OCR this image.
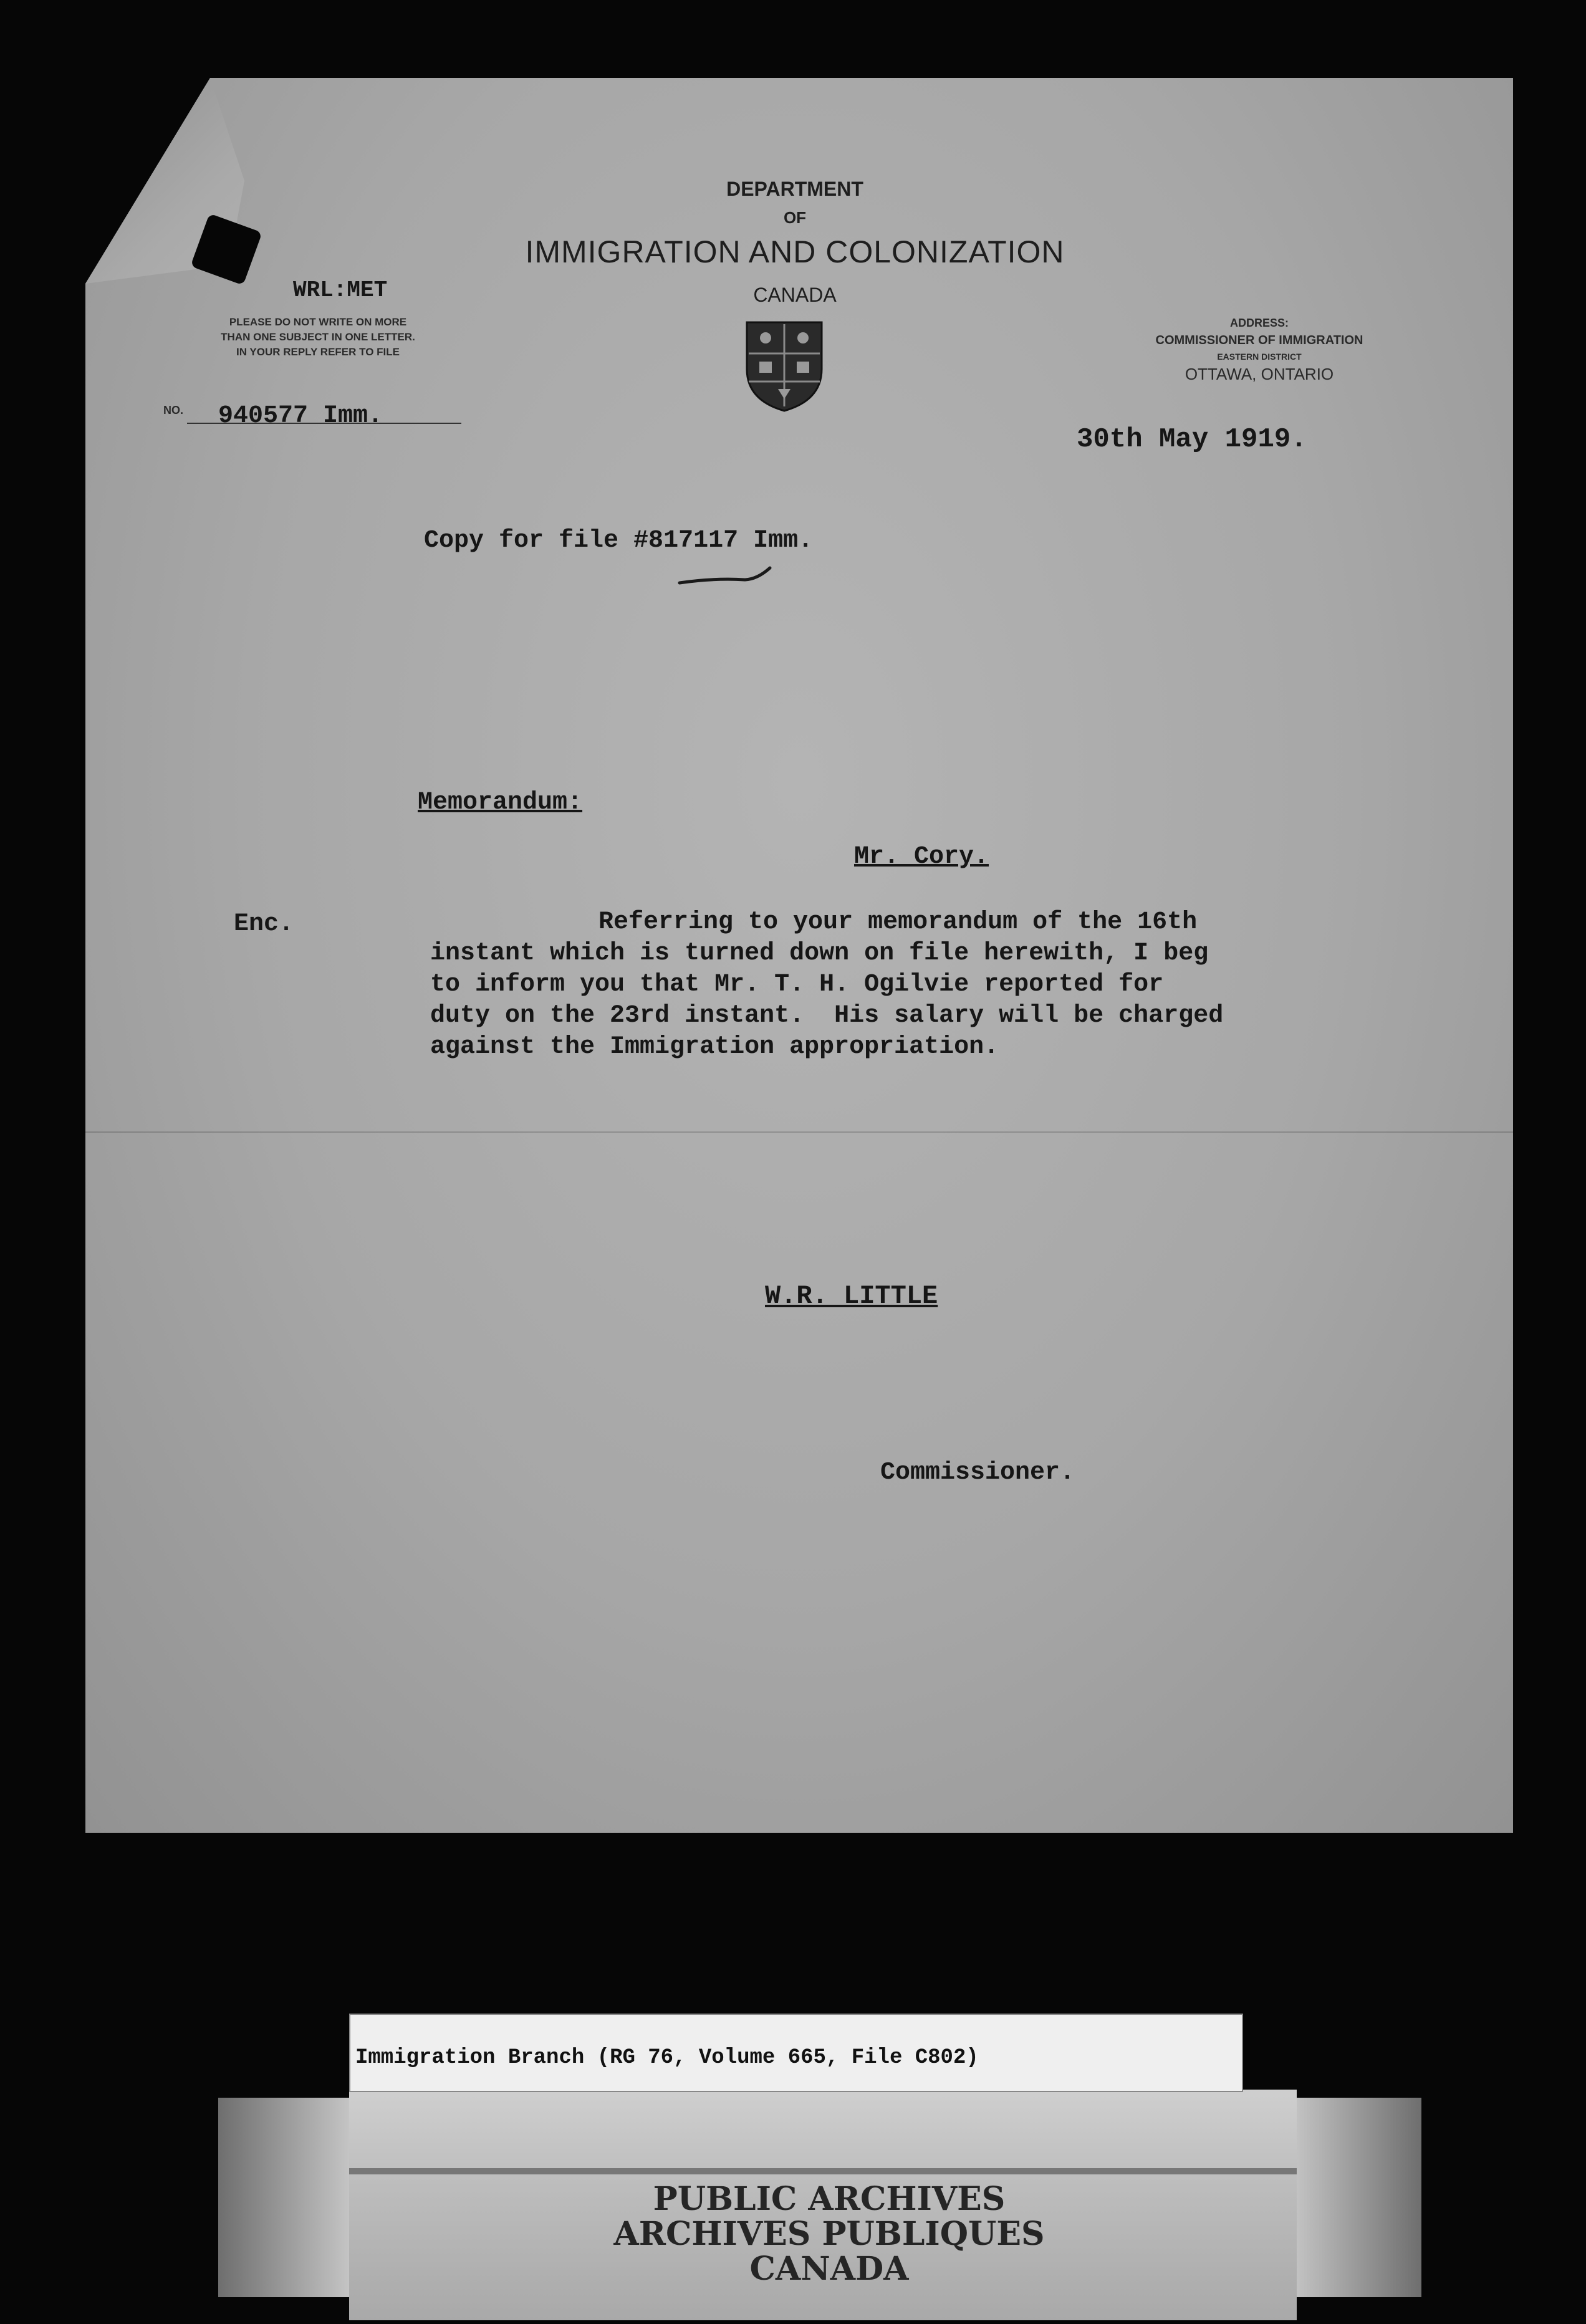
DEPARTMENT
OF
IMMIGRATION AND COLONIZATION
CANADA
PLEASE DO NOT WRITE ON MORE
THAN ONE SUBJECT IN ONE LETTER.
IN YOUR REPLY REFER TO FILE
NO.
ADDRESS:
COMMISSIONER OF IMMIGRATION
EASTERN DISTRICT
OTTAWA, ONTARIO
WRL:MET
940577 Imm.
30th May 1919.
Copy for file #817117 Imm.
Memorandum:
Mr. Cory.
Enc.	Referring to your memorandum of the 16th
instant which is turned down on file herewith, I beg
to inform you that Mr. T. H. Ogilvie reported for
duty on the 23rd instant.  His salary will be charged
against the Immigration appropriation.
W.R. LITTLE
Commissioner.
Immigration Branch (RG 76, Volume 665, File C802)
PUBLIC ARCHIVES
ARCHIVES PUBLIQUES
CANADA
